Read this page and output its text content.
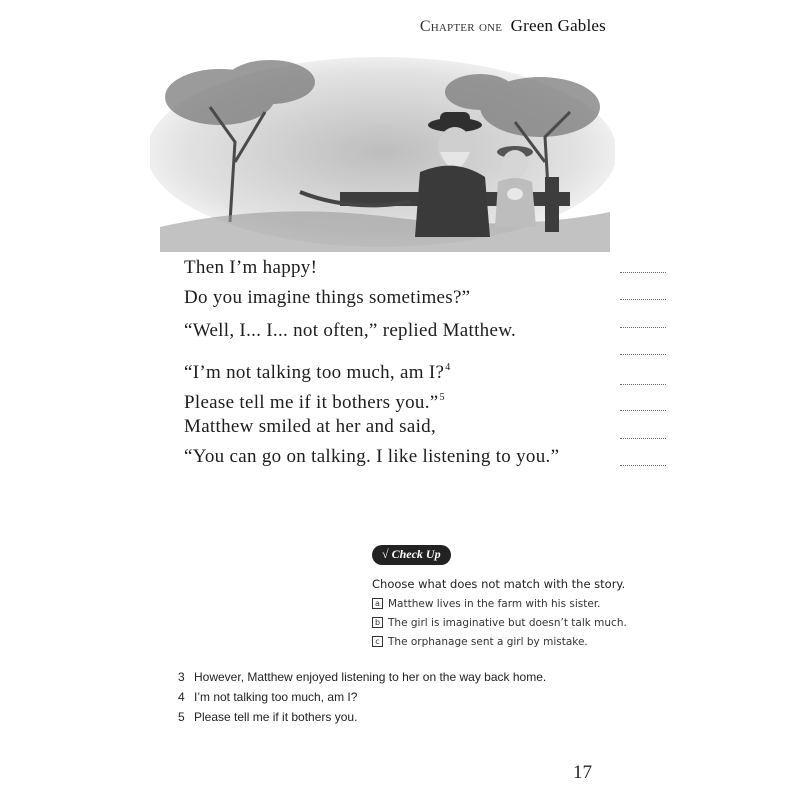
Chapter one Green Gables
Then I’m happy!
Do you imagine things sometimes?”
“Well, I... I... not often,” replied Matthew.
“I’m not talking too much, am I?$^4$
Please tell me if it bothers you.”$^5$
Matthew smiled at her and said,
“You can go on talking. I like listening to you.”
√ Check Up
Choose what does not match with the story.
a Matthew lives in the farm with his sister.
b The girl is imaginative but doesn’t talk much.
c The orphanage sent a girl by mistake.
3 However, Matthew enjoyed listening to her on the way back home.
4 I’m not talking too much, am I?
5 Please tell me if it bothers you.
17
